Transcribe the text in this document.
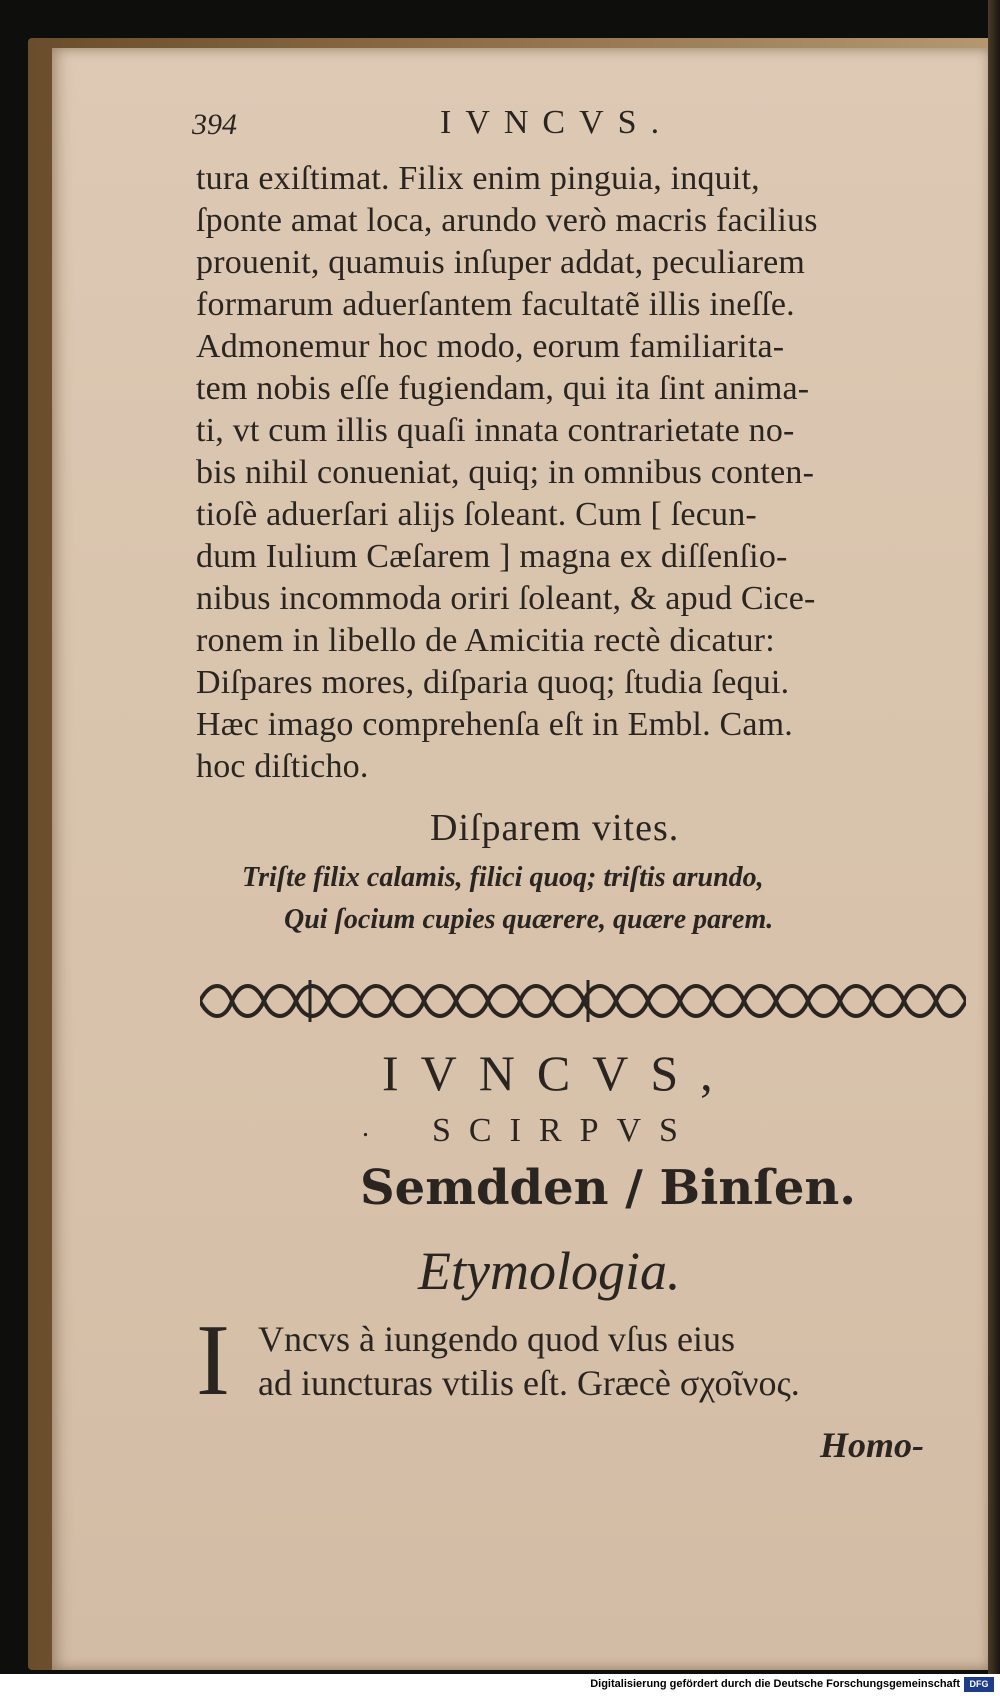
394	IVNCVS.
tura exiſtimat. Filix enim pinguia, inquit,
ſponte amat loca, arundo verò macris facilius
prouenit, quamuis inſuper addat, peculiarem
formarum aduerſantem facultatẽ illis ineſſe.
Admonemur hoc modo, eorum familiarita-
tem nobis eſſe fugiendam, qui ita ſint anima-
ti, vt cum illis quaſi innata contrarietate no-
bis nihil conueniat, quiq; in omnibus conten-
tioſè aduerſari alijs ſoleant. Cum [ ſecun-
dum Iulium Cæſarem ] magna ex diſſenſio-
nibus incommoda oriri ſoleant, & apud Cice-
ronem in libello de Amicitia rectè dicatur:
Diſpares mores, diſparia quoq; ſtudia ſequi.
Hæc imago comprehenſa eſt in Embl. Cam.
hoc diſticho.
Diſparem vites.
Triſte filix calamis, filici quoq; triſtis arundo,
Qui ſocium cupies quærere, quære parem.
IVNCVS,
. SCIRPVS
Semdden / Binſen.
Etymologia.
I Vncvs à iungendo quod vſus eius
ad iuncturas vtilis eſt. Græcè σχοῖνος.
Homo-
Digitalisierung gefördert durch die Deutsche Forschungsgemeinschaft	DFG
